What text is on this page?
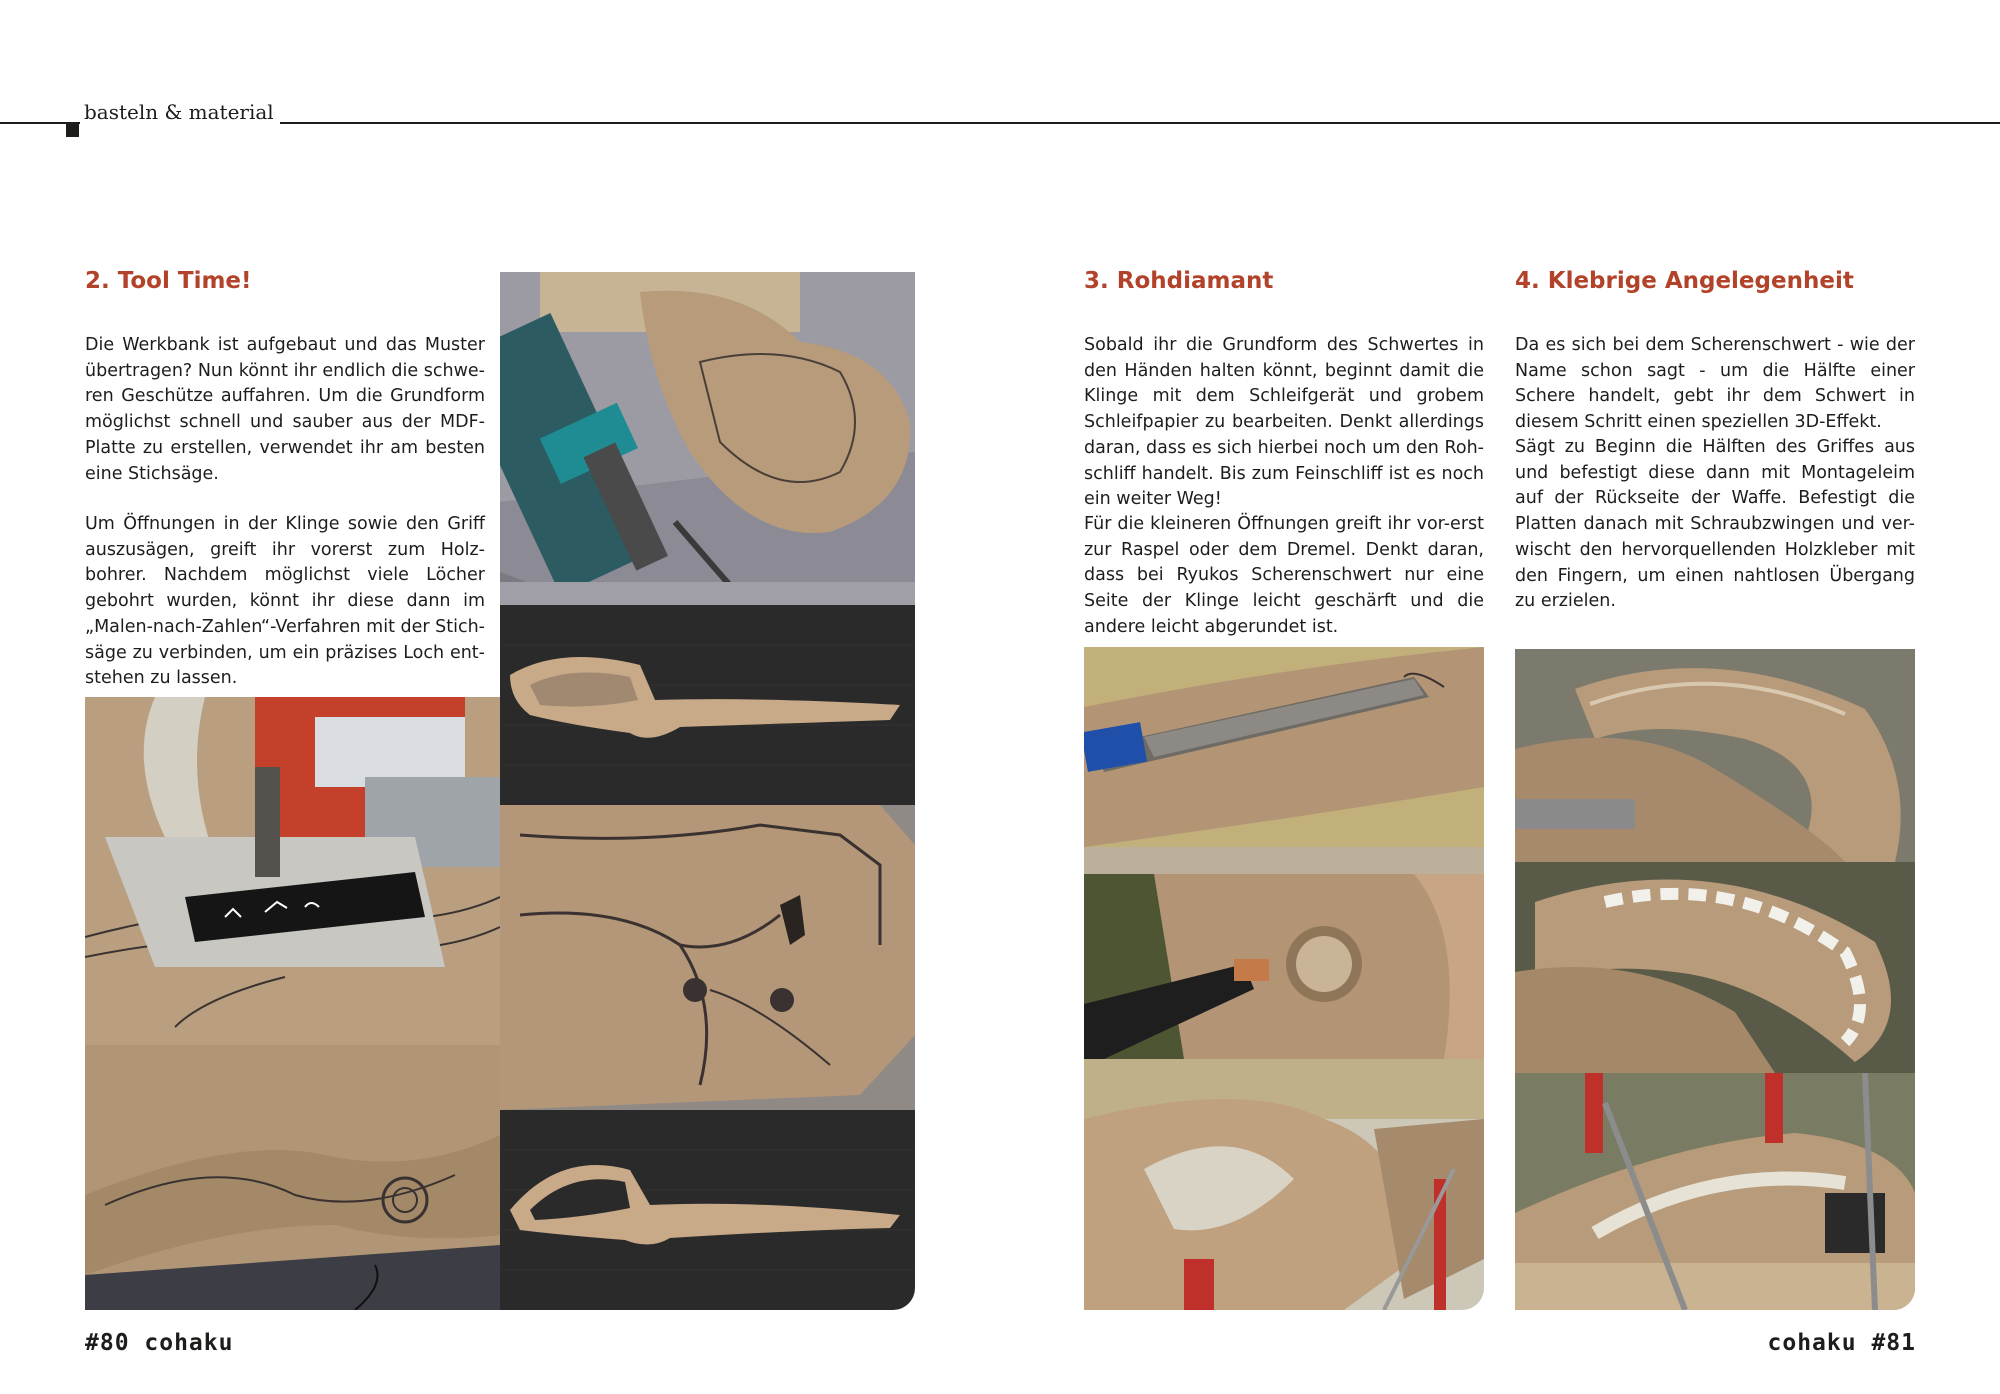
basteln & material
2. Tool Time!

Die Werkbank ist aufgebaut und das Muster übertragen? Nun könnt ihr endlich die schwe-ren Geschütze auffahren. Um die Grundform möglichst schnell und sauber aus der MDF-Platte zu erstellen, verwendet ihr am besten eine Stichsäge.

Um Öffnungen in der Klinge sowie den Griff auszusägen, greift ihr vorerst zum Holz-bohrer. Nachdem möglichst viele Löcher gebohrt wurden, könnt ihr diese dann im „Malen-nach-Zahlen“-Verfahren mit der Stich-säge zu verbinden, um ein präzises Loch ent-stehen zu lassen.

3. Rohdiamant

Sobald ihr die Grundform des Schwertes in den Händen halten könnt, beginnt damit die Klinge mit dem Schleifgerät und grobem Schleifpapier zu bearbeiten. Denkt allerdings daran, dass es sich hierbei noch um den Roh-schliff handelt. Bis zum Feinschliff ist es noch ein weiter Weg!

Für die kleineren Öffnungen greift ihr vor-erst zur Raspel oder dem Dremel. Denkt daran, dass bei Ryukos Scherenschwert nur eine Seite der Klinge leicht geschärft und die andere leicht abgerundet ist.

4. Klebrige Angelegenheit

Da es sich bei dem Scherenschwert - wie der Name schon sagt - um die Hälfte einer Schere handelt, gebt ihr dem Schwert in diesem Schritt einen speziellen 3D-Effekt.

Sägt zu Beginn die Hälften des Griffes aus und befestigt diese dann mit Montageleim auf der Rückseite der Waffe. Befestigt die Platten danach mit Schraubzwingen und ver-wischt den hervorquellenden Holzkleber mit den Fingern, um einen nahtlosen Übergang zu erzielen.

#80 cohaku	cohaku #81
